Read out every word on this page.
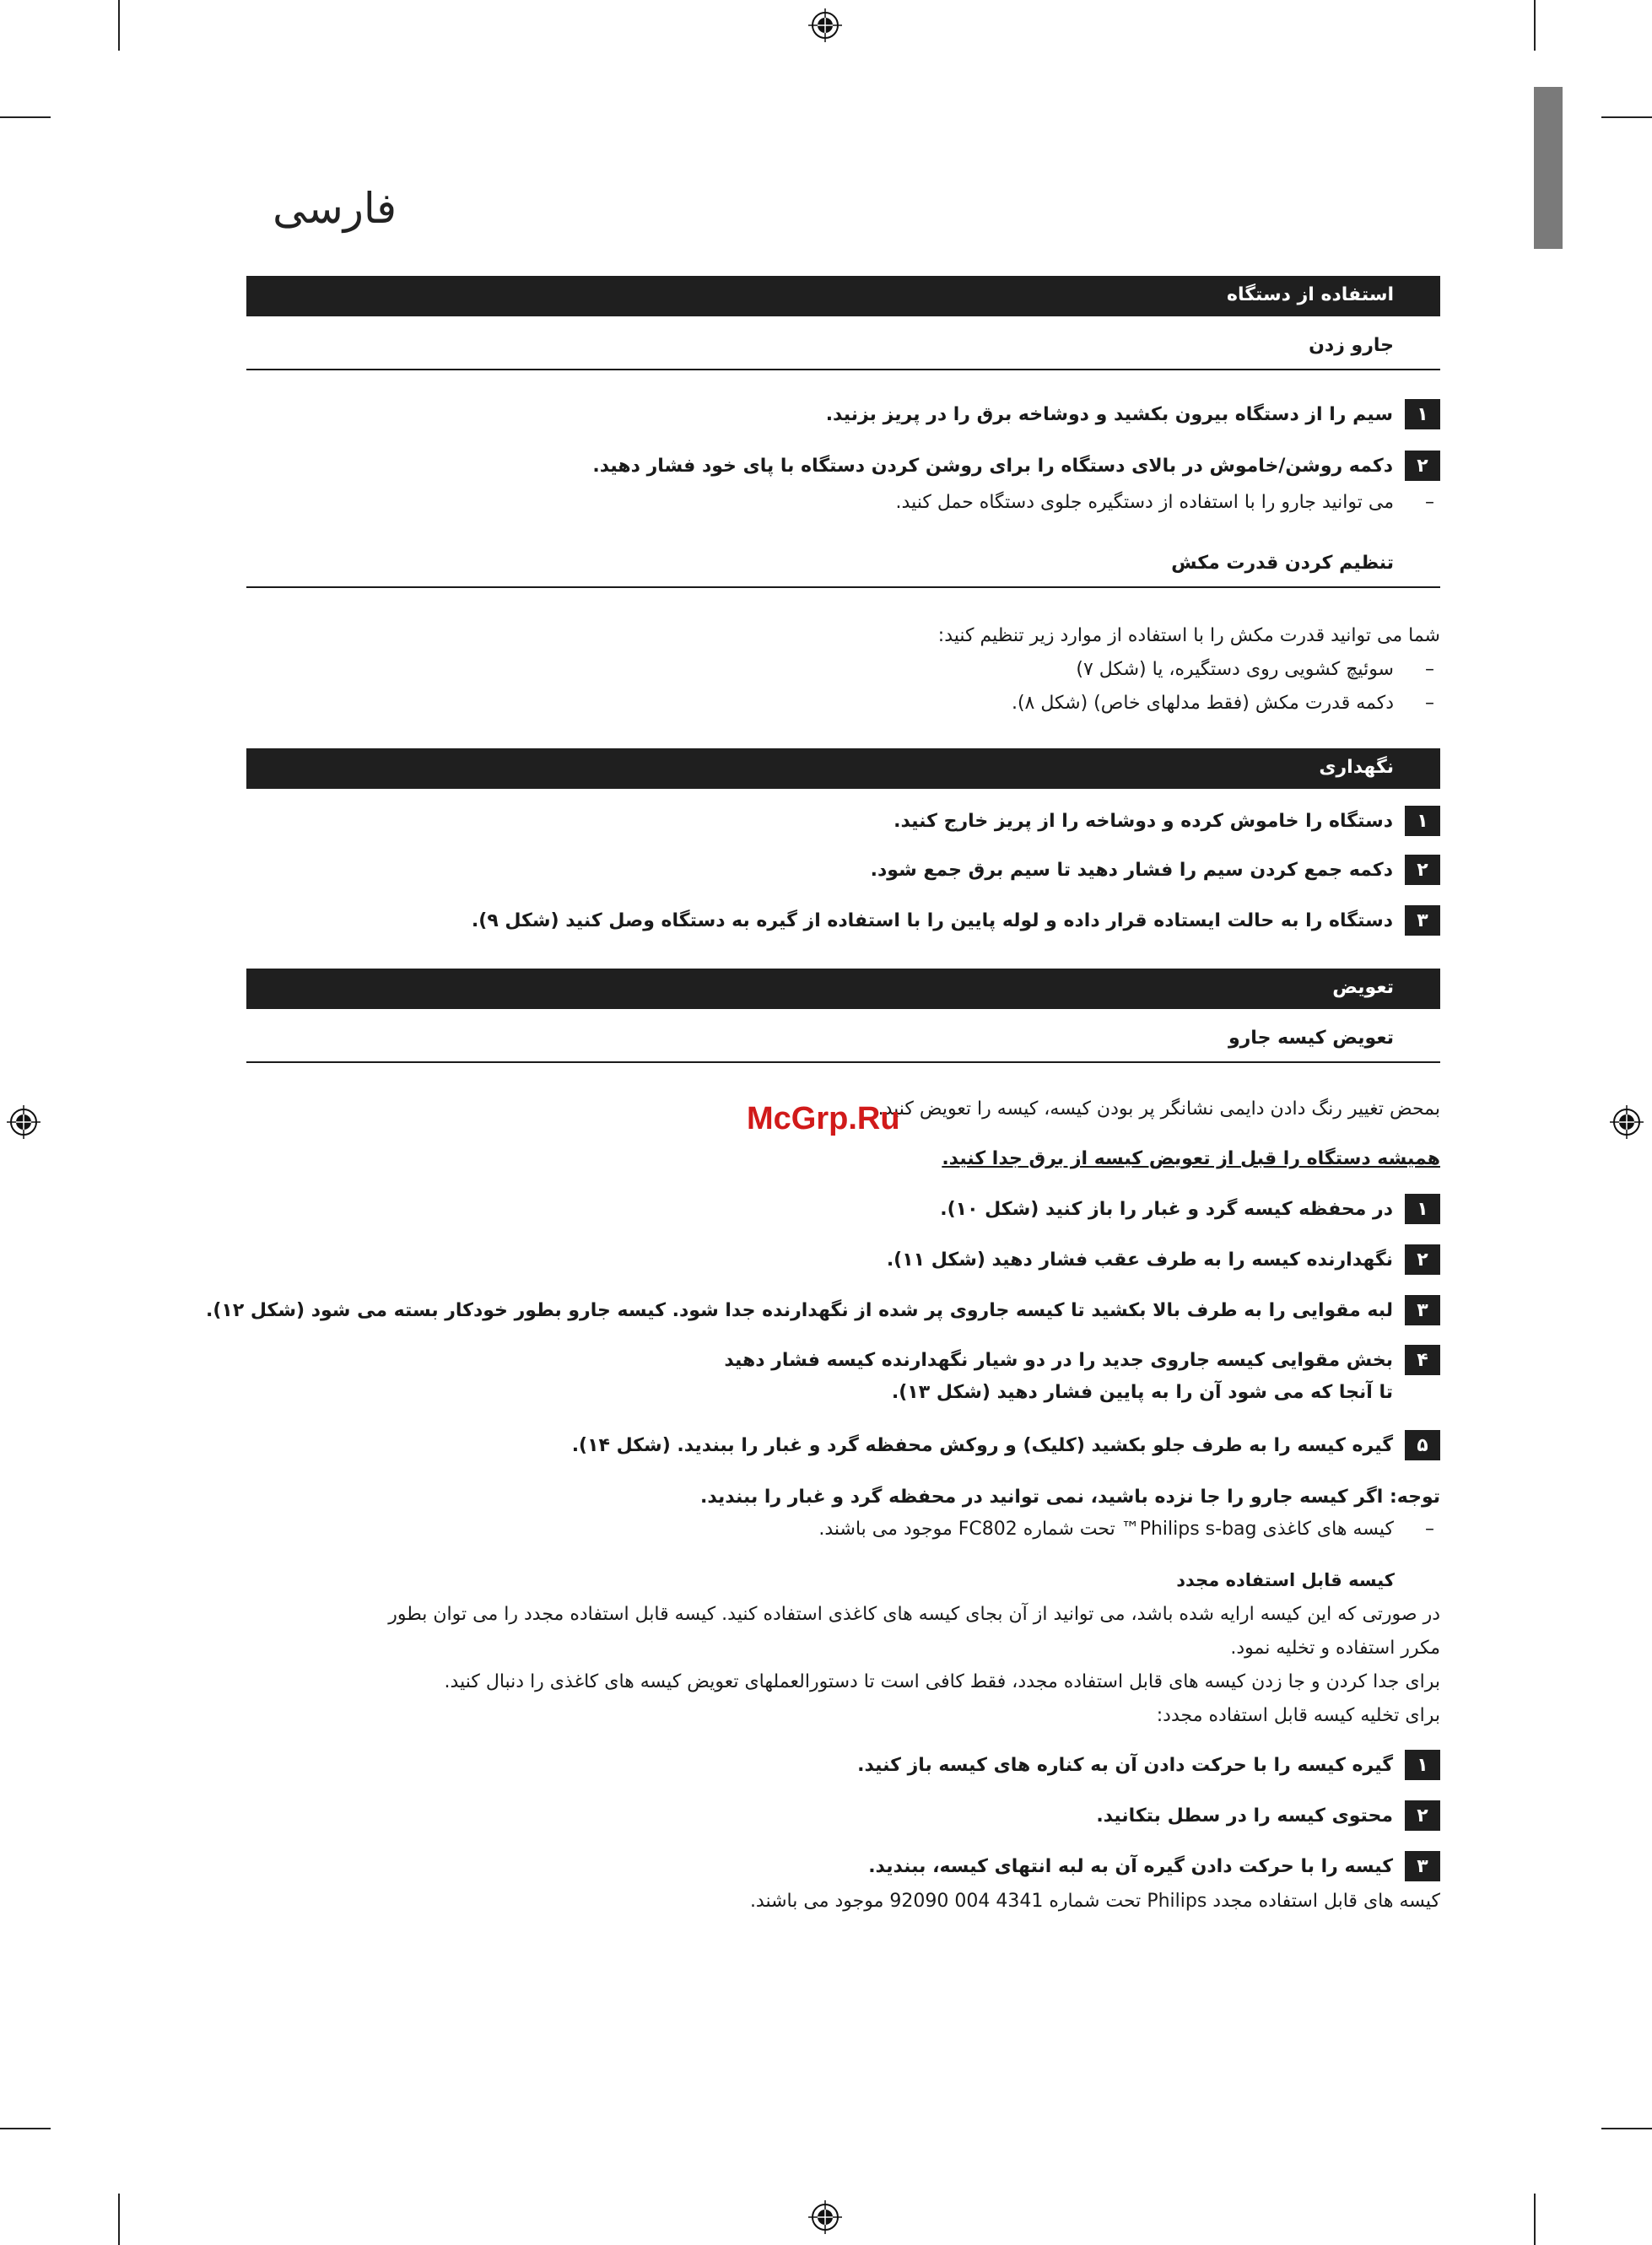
فارسی
استفاده از دستگاه
جارو زدن
۱
سیم را از دستگاه بیرون بکشید و دوشاخه برق را در پریز بزنید.
۲
دکمه روشن/خاموش در بالای دستگاه را برای روشن کردن دستگاه با پای خود فشار دهید.
–می توانید جارو را با استفاده از دستگیره جلوی دستگاه حمل کنید.
تنظیم کردن قدرت مکش
شما می توانید قدرت مکش را با استفاده از موارد زیر تنظیم کنید:
–سوئیچ کشویی روی دستگیره، یا (شکل ۷)
–دکمه قدرت مکش (فقط مدلهای خاص) (شکل ۸).
نگهداری
۱
دستگاه را خاموش کرده و دوشاخه را از پریز خارج کنید.
۲
دکمه جمع کردن سیم را فشار دهید تا سیم برق جمع شود.
۳
دستگاه را به حالت ایستاده قرار داده و لوله پایین را با استفاده از گیره به دستگاه وصل کنید (شکل ۹).
تعویض
تعویض کیسه جارو
بمحض تغییر رنگ دادن دایمی نشانگر پر بودن کیسه، کیسه را تعویض کنید.
McGrp.Ru
همیشه دستگاه را قبل از تعویض کیسه از برق جدا کنید.
۱
در محفظه کیسه گرد و غبار را باز کنید (شکل ۱۰).
۲
نگهدارنده کیسه را به طرف عقب فشار دهید (شکل ۱۱).
۳
لبه مقوایی را به طرف بالا بکشید تا کیسه جاروی پر شده از نگهدارنده جدا شود. کیسه جارو بطور خودکار بسته می شود (شکل ۱۲).
۴
بخش مقوایی کیسه جاروی جدید را در دو شیار نگهدارنده کیسه فشار دهید
تا آنجا که می شود آن را به پایین فشار دهید (شکل ۱۳).
۵
گیره کیسه را به طرف جلو بکشید (کلیک) و روکش محفظه گرد و غبار را ببندید. (شکل ۱۴).
توجه: اگر کیسه جارو را جا نزده باشید، نمی توانید در محفظه گرد و غبار را ببندید.
–کیسه های کاغذی Philips s-bag™ تحت شماره FC802 موجود می باشند.
کیسه قابل استفاده مجدد
در صورتی که این کیسه ارایه شده باشد، می توانید از آن بجای کیسه های کاغذی استفاده کنید. کیسه قابل استفاده مجدد را می توان بطور
مکرر استفاده و تخلیه نمود.
برای جدا کردن و جا زدن کیسه های قابل استفاده مجدد، فقط کافی است تا دستورالعملهای تعویض کیسه های کاغذی را دنبال کنید.
برای تخلیه کیسه قابل استفاده مجدد:
۱
گیره کیسه را با حرکت دادن آن به کناره های کیسه باز کنید.
۲
محتوی کیسه را در سطل بتکانید.
۳
کیسه را با حرکت دادن گیره آن به لبه انتهای کیسه، ببندید.
کیسه های قابل استفاده مجدد Philips تحت شماره 4341 004 92090 موجود می باشند.
